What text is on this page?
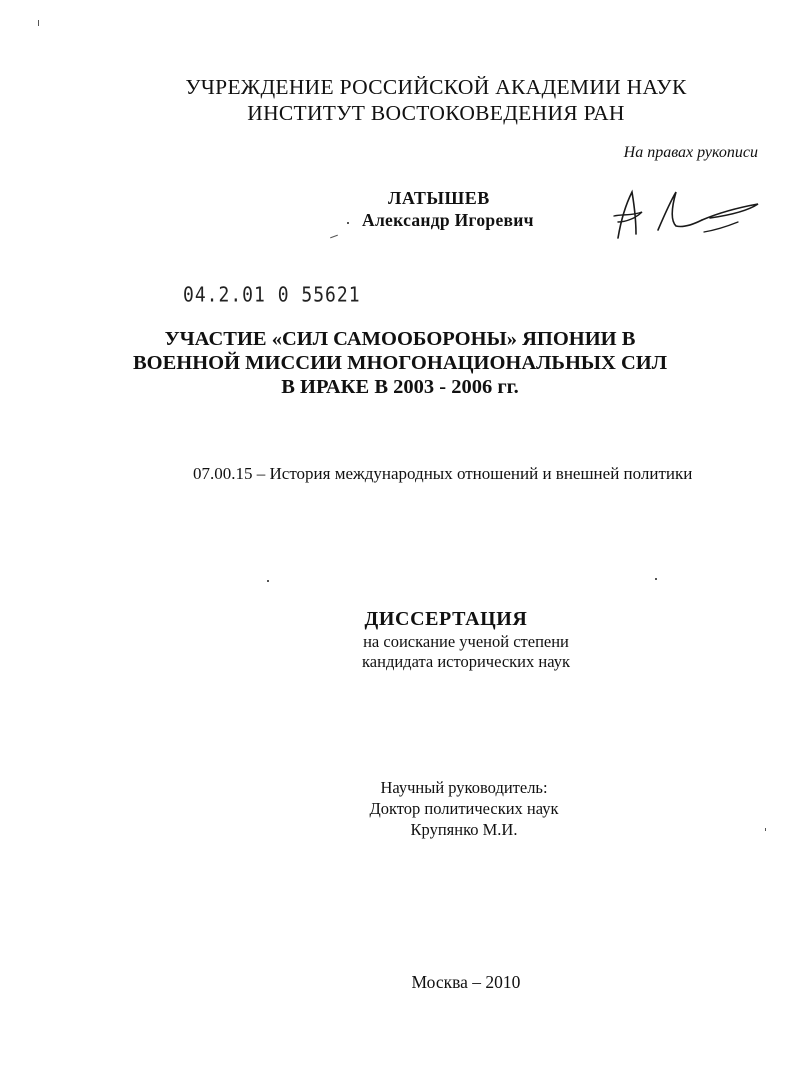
УЧРЕЖДЕНИЕ РОССИЙСКОЙ АКАДЕМИИ НАУК
ИНСТИТУТ ВОСТОКОВЕДЕНИЯ РАН
На правах рукописи
ЛАТЫШЕВ
Александр Игоревич
04.2.01 0 55621
УЧАСТИЕ «СИЛ САМООБОРОНЫ» ЯПОНИИ В
ВОЕННОЙ МИССИИ МНОГОНАЦИОНАЛЬНЫХ СИЛ
В ИРАКЕ В 2003 - 2006 гг.
07.00.15 – История международных отношений и внешней политики
ДИССЕРТАЦИЯ
на соискание ученой степени
кандидата исторических наук
Научный руководитель:
Доктор политических наук
Крупянко М.И.
Москва – 2010
